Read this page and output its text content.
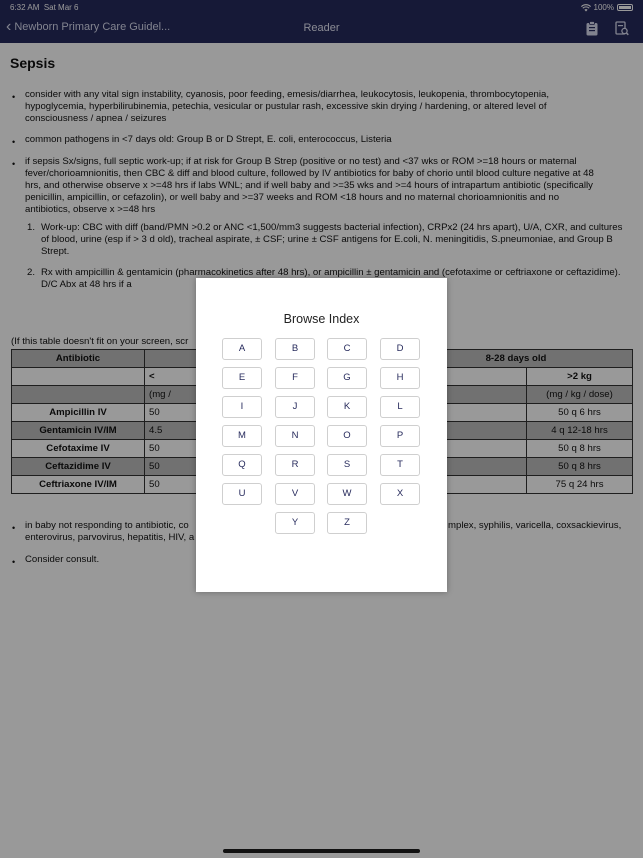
6:32 AM Sat Mar 6	100%
‹ Newborn Primary Care Guidel...	Reader
Sepsis
• consider with any vital sign instability, cyanosis, poor feeding, emesis/diarrhea, leukocytosis, leukopenia, thrombocytopenia, hypoglycemia, hyperbilirubinemia, petechia, vesicular or pustular rash, excessive skin drying / hardening, or altered level of consciousness / apnea / seizures
• common pathogens in <7 days old: Group B or D Strept, E. coli, enterococcus, Listeria
• if sepsis Sx/signs, full septic work-up; if at risk for Group B Strep (positive or no test) and <37 wks or ROM >=18 hours or maternal fever/chorioamnionitis, then CBC & diff and blood culture, followed by IV antibiotics for baby of chorio until blood culture negative at 48 hrs, and otherwise observe x >=48 hrs if labs WNL; and if well baby and >=35 wks and >=4 hours of intrapartum antibiotic (specifically penicillin, ampicillin, or cefazolin), or well baby and >=37 weeks and ROM <18 hours and no maternal chorioamnionitis and no antibiotics, observe x >=48 hrs
1. Work-up: CBC with diff (band/PMN >0.2 or ANC <1,500/mm3 suggests bacterial infection), CRPx2 (24 hrs apart), U/A, CXR, and cultures of blood, urine (esp if > 3 d old), tracheal aspirate, ± CSF; urine ± CSF antigens for E.coli, N. meningitidis, S.pneumoniae, and Group B Strept.
2. Rx with ampicillin & gentamicin (pharmacokinetics after 48 hrs), or ampicillin ± gentamicin and (cefotaxime or ceftriaxone or ceftazidime). D/C Abx at 48 hrs if a
(If this table doesn't fit on your screen, scr
Antibiotic			8-28 days old	
	<			>2 kg
	(mg /			(mg / kg / dose)
Ampicillin IV	50			50 q 6 hrs
Gentamicin IV/IM	4.5			4 q 12-18 hrs
Cefotaxime IV	50			50 q 8 hrs
Ceftazidime IV	50			50 q 8 hrs
Ceftriaxone IV/IM	50			75 q 24 hrs
• in baby not responding to antibiotic, co
enterovirus, parvovirus, hepatitis, HIV, a
mplex, syphilis, varicella, coxsackievirus,
• Consider consult.
Browse Index
A	B	C	D
E	F	G	H
I	J	K	L
M	N	O	P
Q	R	S	T
U	V	W	X
Y	Z
